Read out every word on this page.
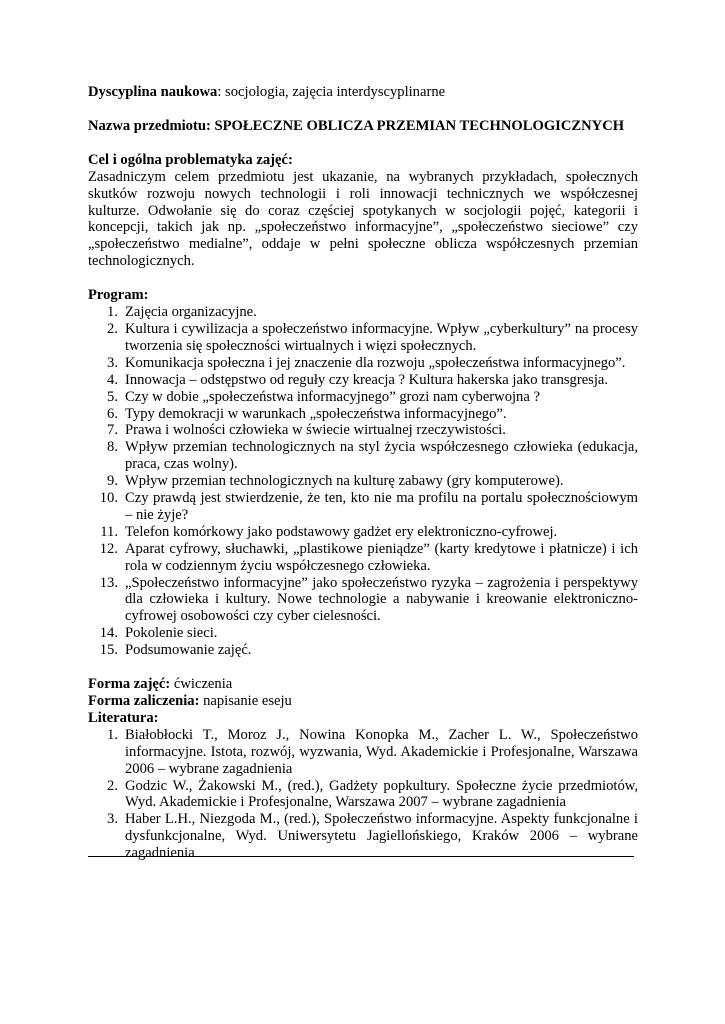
Dyscyplina naukowa: socjologia, zajęcia interdyscyplinarne

Nazwa przedmiotu: SPOŁECZNE OBLICZA PRZEMIAN TECHNOLOGICZNYCH

Cel i ogólna problematyka zajęć:

Zasadniczym celem przedmiotu jest ukazanie, na wybranych przykładach, społecznych skutków rozwoju nowych technologii i roli innowacji technicznych we współczesnej kulturze. Odwołanie się do coraz częściej spotykanych w socjologii pojęć, kategorii i koncepcji, takich jak np. „społeczeństwo informacyjne”, „społeczeństwo sieciowe” czy „społeczeństwo medialne”, oddaje w pełni społeczne oblicza współczesnych przemian technologicznych.

Program:

1. Zajęcia organizacyjne.
2. Kultura i cywilizacja a społeczeństwo informacyjne. Wpływ „cyberkultury” na procesy tworzenia się społeczności wirtualnych i więzi społecznych.
3. Komunikacja społeczna i jej znaczenie dla rozwoju „społeczeństwa informacyjnego”.
4. Innowacja – odstępstwo od reguły czy kreacja ? Kultura hakerska jako transgresja.
5. Czy w dobie „społeczeństwa informacyjnego” grozi nam cyberwojna ?
6. Typy demokracji w warunkach „społeczeństwa informacyjnego”.
7. Prawa i wolności człowieka w świecie wirtualnej rzeczywistości.
8. Wpływ przemian technologicznych na styl życia współczesnego człowieka (edukacja, praca, czas wolny).
9. Wpływ przemian technologicznych na kulturę zabawy (gry komputerowe).
10. Czy prawdą jest stwierdzenie, że ten, kto nie ma profilu na portalu społecznościowym – nie żyje?
11. Telefon komórkowy jako podstawowy gadżet ery elektroniczno-cyfrowej.
12. Aparat cyfrowy, słuchawki, „plastikowe pieniądze” (karty kredytowe i płatnicze) i ich rola w codziennym życiu współczesnego człowieka.
13. „Społeczeństwo informacyjne” jako społeczeństwo ryzyka – zagrożenia i perspektywy dla człowieka i kultury. Nowe technologie a nabywanie i kreowanie elektroniczno-cyfrowej osobowości czy cyber cielesności.
14. Pokolenie sieci.
15. Podsumowanie zajęć.

Forma zajęć: ćwiczenia

Forma zaliczenia: napisanie eseju

Literatura:

1. Białobłocki T., Moroz J., Nowina Konopka M., Zacher L. W., Społeczeństwo informacyjne. Istota, rozwój, wyzwania, Wyd. Akademickie i Profesjonalne, Warszawa 2006 – wybrane zagadnienia
2. Godzic W., Żakowski M., (red.), Gadżety popkultury. Społeczne życie przedmiotów, Wyd. Akademickie i Profesjonalne, Warszawa 2007 – wybrane zagadnienia
3. Haber L.H., Niezgoda M., (red.), Społeczeństwo informacyjne. Aspekty funkcjonalne i dysfunkcjonalne, Wyd. Uniwersytetu Jagiellońskiego, Kraków 2006 – wybrane zagadnienia
